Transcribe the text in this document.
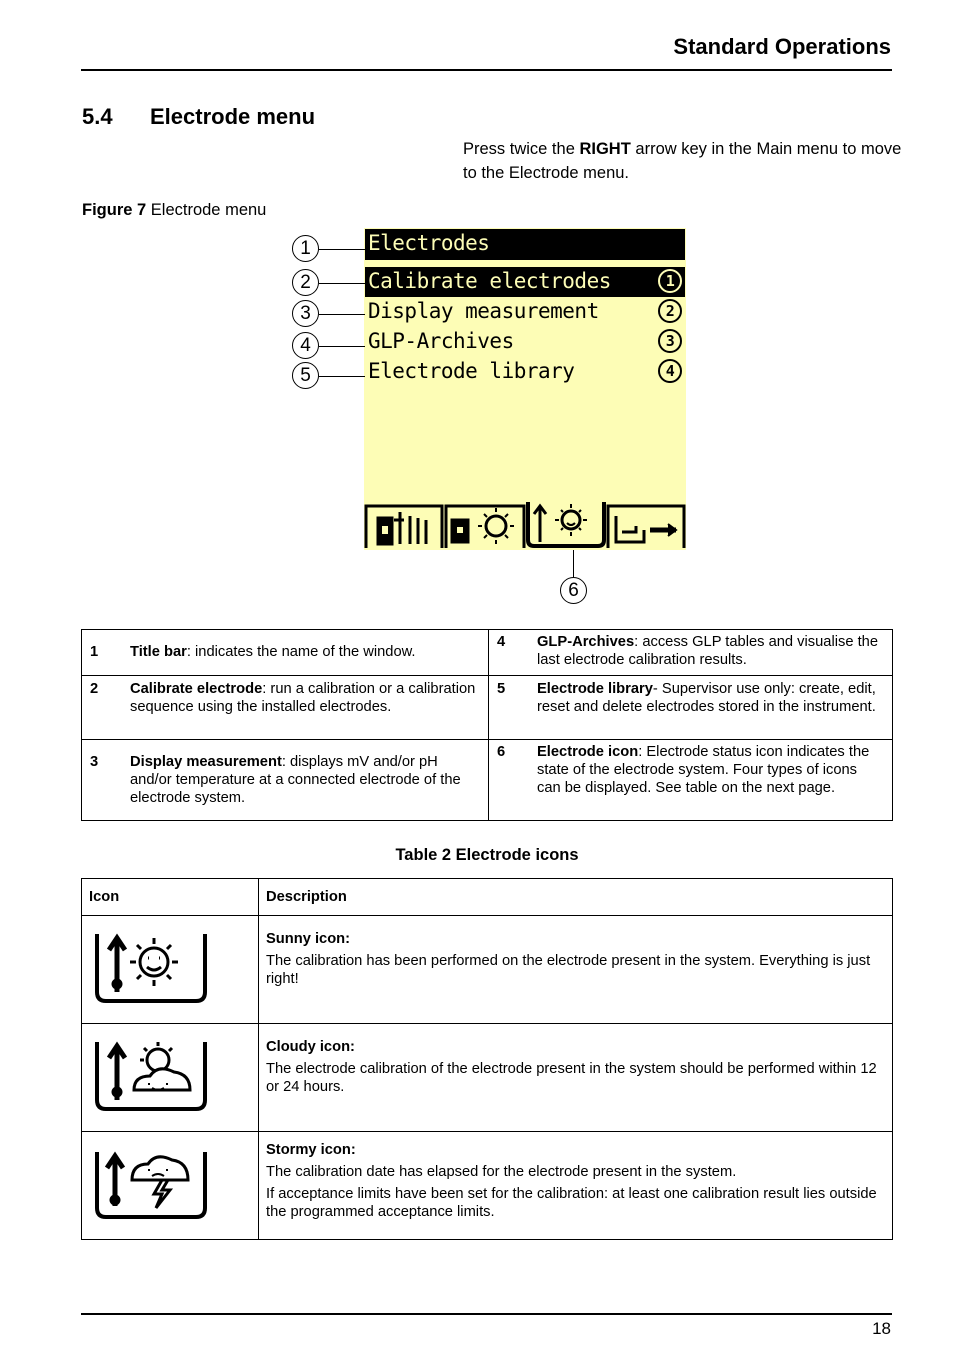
Standard Operations
5.4 Electrode menu
Press twice the RIGHT arrow key in the Main menu to move to the Electrode menu.
Figure 7 Electrode menu
Electrodes
Calibrate electrodes	1
Display measurement	2
GLP-Archives	3
Electrode library	4
1
2
3
4
5
6
1 Title bar: indicates the name of the window.	4 GLP-Archives: access GLP tables and visualise the last electrode calibration results.

2 Calibrate electrode: run a calibration or a calibration sequence using the installed electrodes.	5 Electrode library- Supervisor use only: create, edit, reset and delete electrodes stored in the instrument.

3 Display measurement: displays mV and/or pH and/or temperature at a connected electrode of the electrode system.	6 Electrode icon: Electrode status icon indicates the state of the electrode system. Four types of icons can be displayed. See table on the next page.
Table 2 Electrode icons
Icon	Description

Sunny icon:

The calibration has been performed on the electrode present in the system. Everything is just right!

Cloudy icon:

The electrode calibration of the electrode present in the system should be performed within 12 or 24 hours.

Stormy icon:

The calibration date has elapsed for the electrode present in the system.

If acceptance limits have been set for the calibration: at least one calibration result lies outside the programmed acceptance limits.

18
